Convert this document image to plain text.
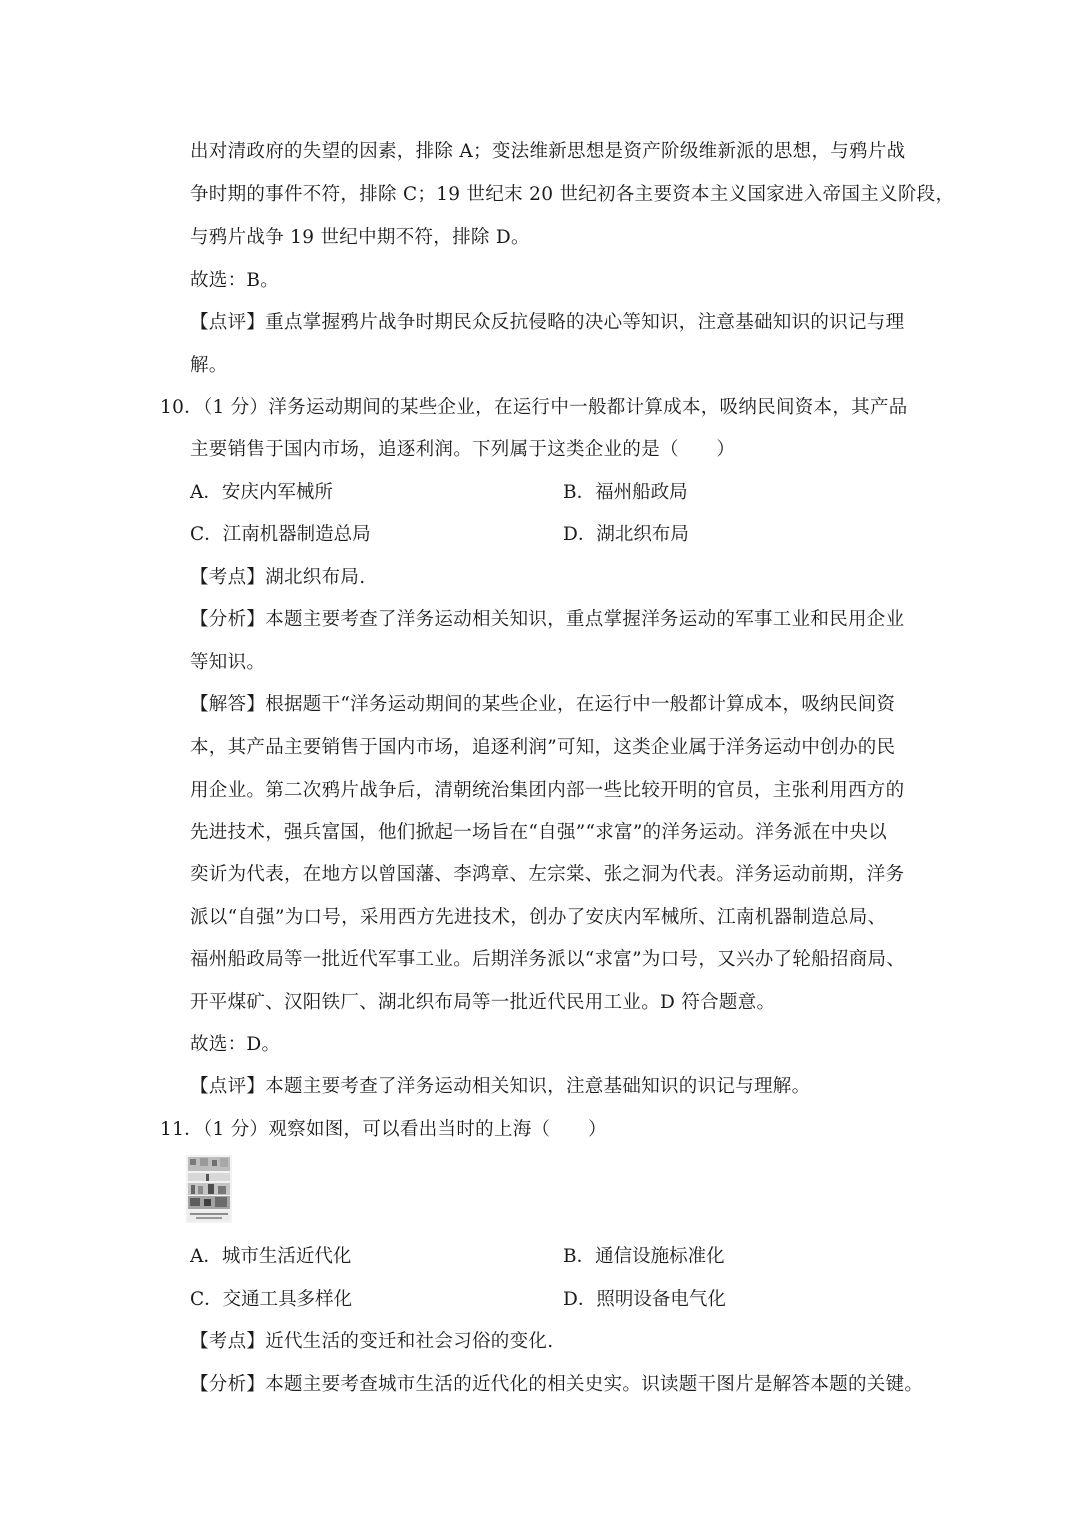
出对清政府的失望的因素，排除 A；变法维新思想是资产阶级维新派的思想，与鸦片战
争时期的事件不符，排除 C；19 世纪末 20 世纪初各主要资本主义国家进入帝国主义阶段，
与鸦片战争 19 世纪中期不符，排除 D。
故选：B。
【点评】重点掌握鸦片战争时期民众反抗侵略的决心等知识，注意基础知识的识记与理
解。
10．（1 分）洋务运动期间的某些企业，在运行中一般都计算成本，吸纳民间资本，其产品
主要销售于国内市场，追逐利润。下列属于这类企业的是（　　）
A．安庆内军械所	B．福州船政局
C．江南机器制造总局	D．湖北织布局
【考点】湖北织布局.
【分析】本题主要考查了洋务运动相关知识，重点掌握洋务运动的军事工业和民用企业
等知识。
【解答】根据题干“洋务运动期间的某些企业，在运行中一般都计算成本，吸纳民间资
本，其产品主要销售于国内市场，追逐利润”可知，这类企业属于洋务运动中创办的民
用企业。第二次鸦片战争后，清朝统治集团内部一些比较开明的官员，主张利用西方的
先进技术，强兵富国，他们掀起一场旨在“自强”“求富”的洋务运动。洋务派在中央以
奕䜣为代表，在地方以曾国藩、李鸿章、左宗棠、张之洞为代表。洋务运动前期，洋务
派以“自强”为口号，采用西方先进技术，创办了安庆内军械所、江南机器制造总局、
福州船政局等一批近代军事工业。后期洋务派以“求富”为口号，又兴办了轮船招商局、
开平煤矿、汉阳铁厂、湖北织布局等一批近代民用工业。D 符合题意。
故选：D。
【点评】本题主要考查了洋务运动相关知识，注意基础知识的识记与理解。
11．（1 分）观察如图，可以看出当时的上海（　　）
A．城市生活近代化	B．通信设施标准化
C．交通工具多样化	D．照明设备电气化
【考点】近代生活的变迁和社会习俗的变化.
【分析】本题主要考查城市生活的近代化的相关史实。识读题干图片是解答本题的关键。
